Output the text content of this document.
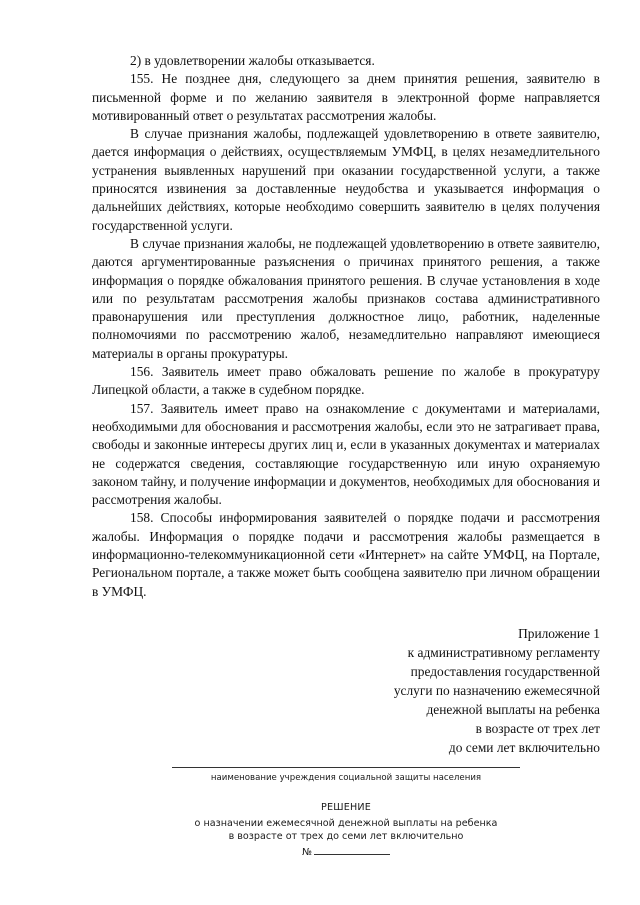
2) в удовлетворении жалобы отказывается.

155. Не позднее дня, следующего за днем принятия решения, заявителю в письменной форме и по желанию заявителя в электронной форме направляется мотивированный ответ о результатах рассмотрения жалобы.

В случае признания жалобы, подлежащей удовлетворению в ответе заявителю, дается информация о действиях, осуществляемым УМФЦ, в целях незамедлительного устранения выявленных нарушений при оказании государственной услуги, а также приносятся извинения за доставленные неудобства и указывается информация о дальнейших действиях, которые необходимо совершить заявителю в целях получения государственной услуги.

В случае признания жалобы, не подлежащей удовлетворению в ответе заявителю, даются аргументированные разъяснения о причинах принятого решения, а также информация о порядке обжалования принятого решения. В случае установления в ходе или по результатам рассмотрения жалобы признаков состава административного правонарушения или преступления должностное лицо, работник, наделенные полномочиями по рассмотрению жалоб, незамедлительно направляют имеющиеся материалы в органы прокуратуры.

156. Заявитель имеет право обжаловать решение по жалобе в прокуратуру Липецкой области, а также в судебном порядке.

157. Заявитель имеет право на ознакомление с документами и материалами, необходимыми для обоснования и рассмотрения жалобы, если это не затрагивает права, свободы и законные интересы других лиц и, если в указанных документах и материалах не содержатся сведения, составляющие государственную или иную охраняемую законом тайну, и получение информации и документов, необходимых для обоснования и рассмотрения жалобы.

158. Способы информирования заявителей о порядке подачи и рассмотрения жалобы. Информация о порядке подачи и рассмотрения жалобы размещается в информационно-телекоммуникационной сети «Интернет» на сайте УМФЦ, на Портале, Региональном портале, а также может быть сообщена заявителю при личном обращении в УМФЦ.

Приложение 1
к административному регламенту
предоставления государственной
услуги по назначению ежемесячной
денежной выплаты на ребенка
в возрасте от трех лет
до семи лет включительно
наименование учреждения социальной защиты населения
РЕШЕНИЕ
о назначении ежемесячной денежной выплаты на ребенка
в возрасте от трех до семи лет включительно
№
